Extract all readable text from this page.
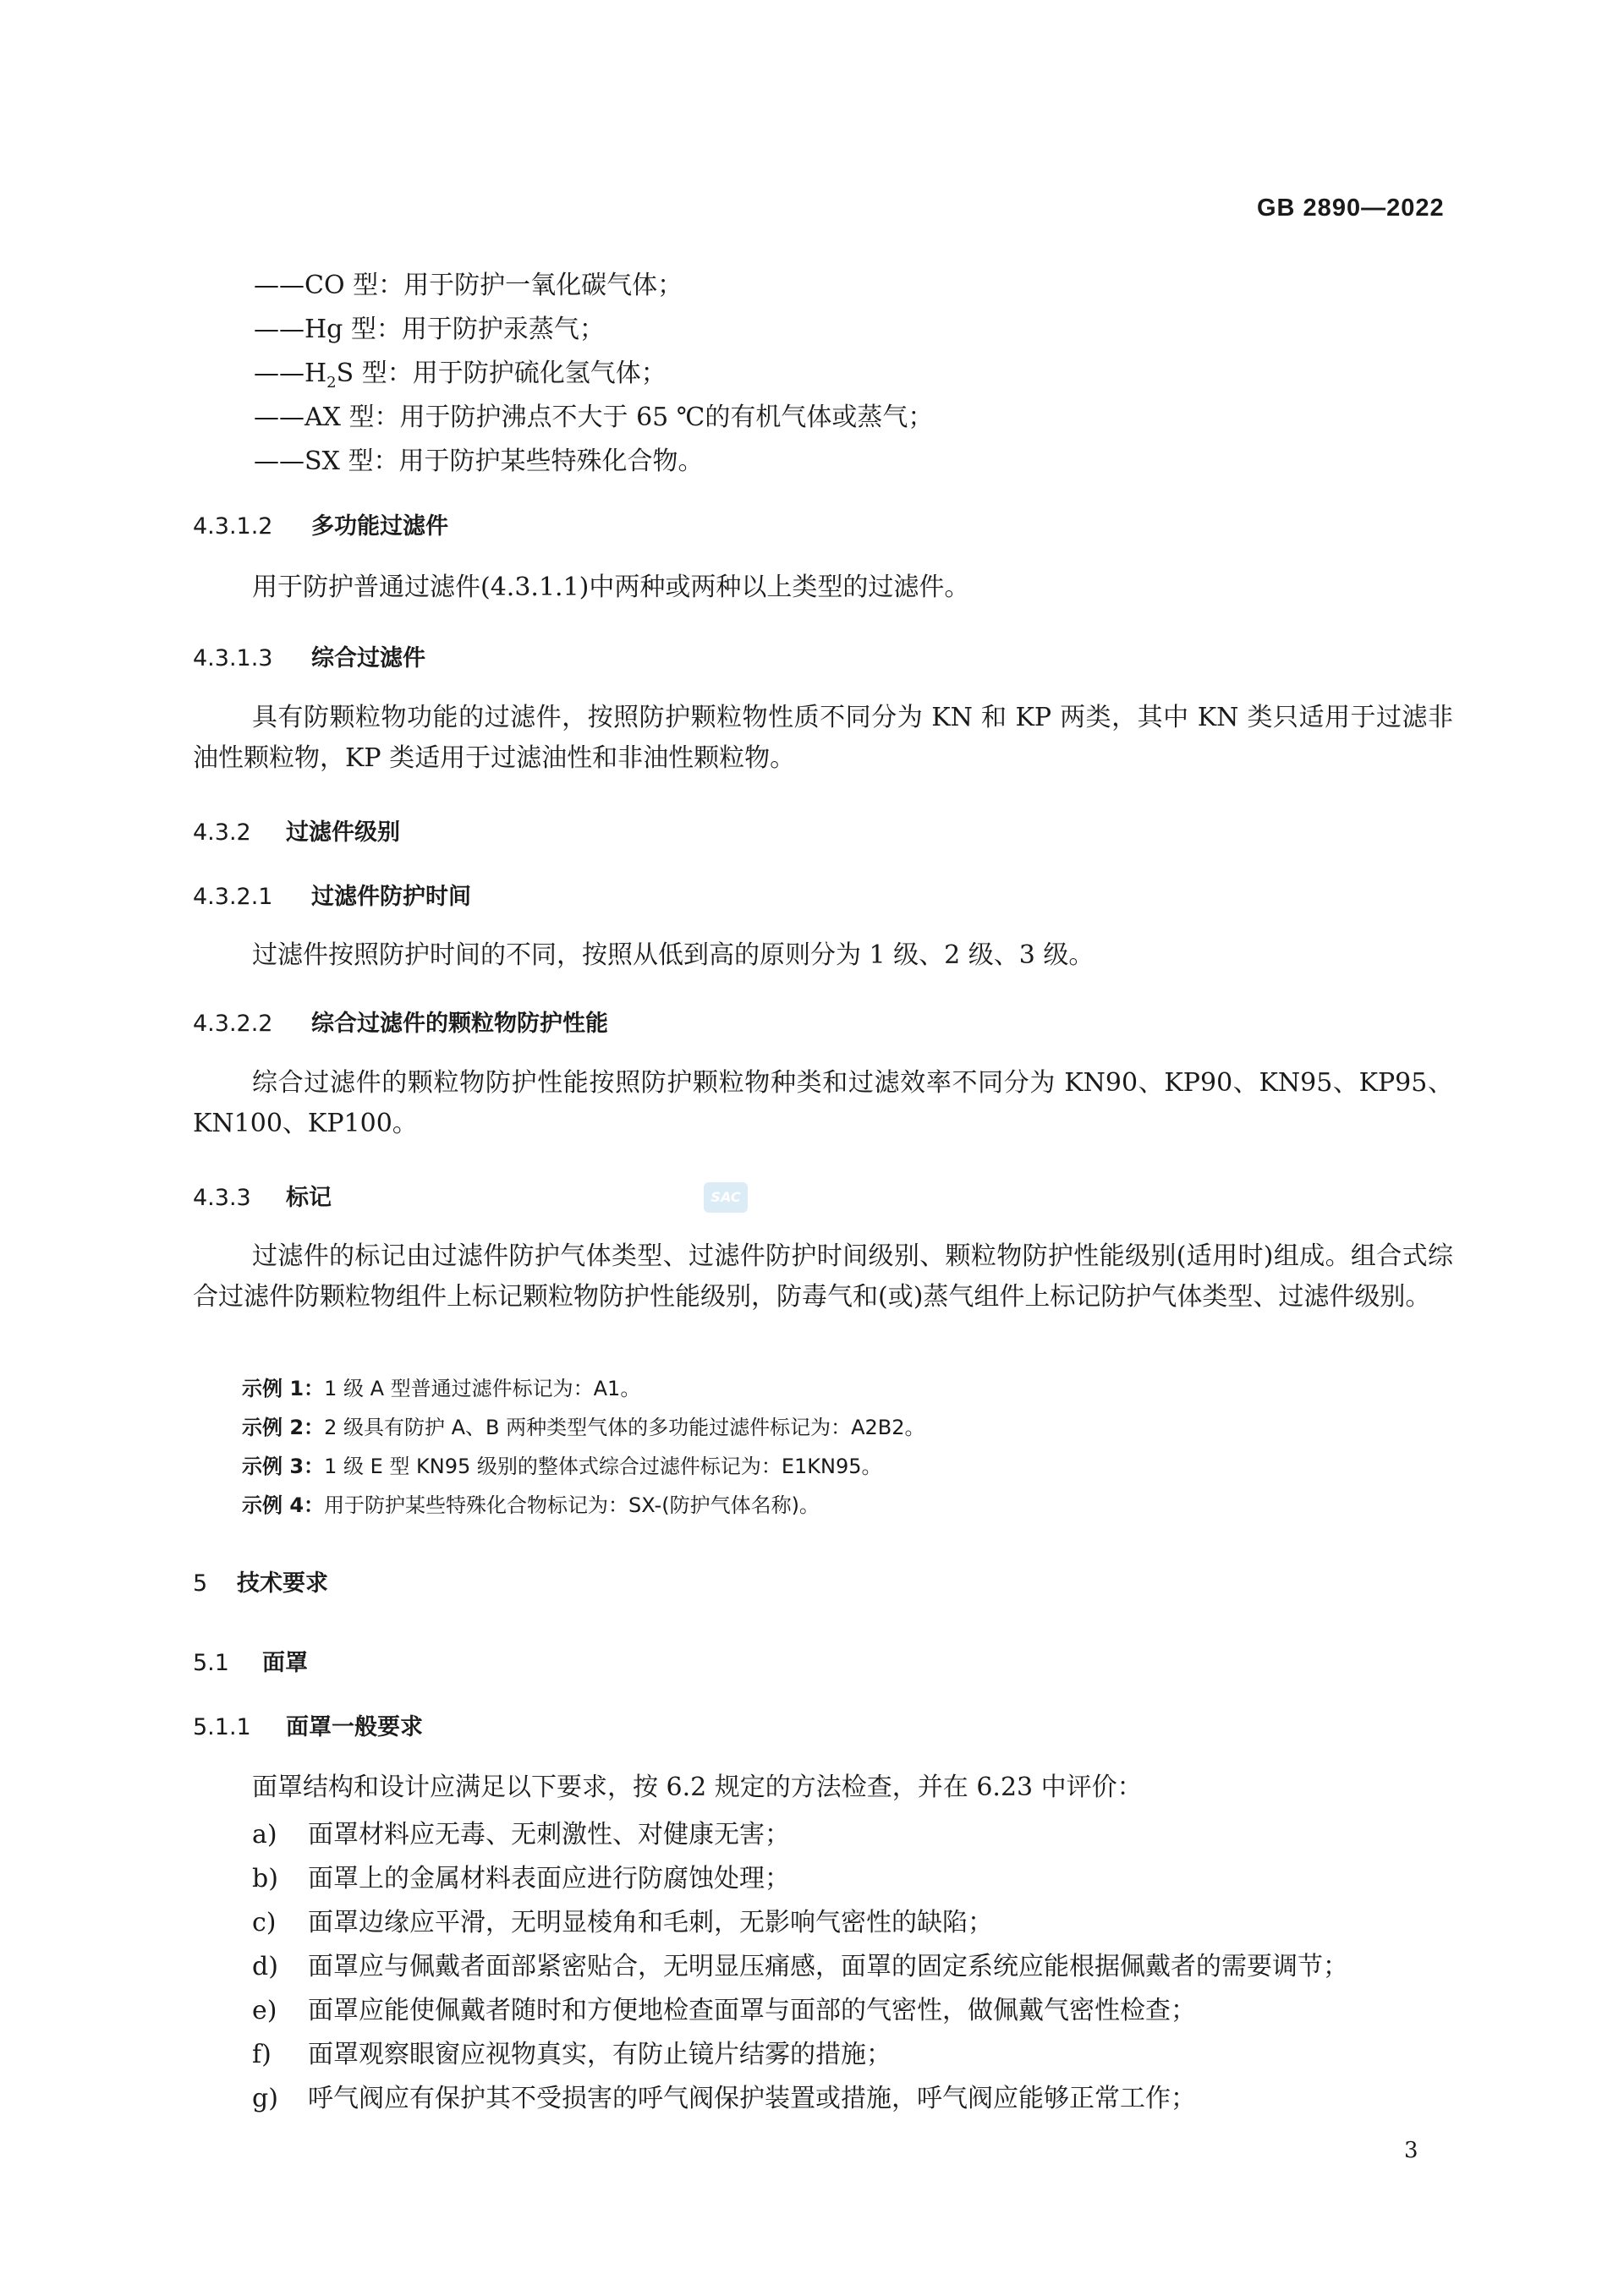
GB 2890—2022
——CO 型：用于防护一氧化碳气体；
——Hg 型：用于防护汞蒸气；
$——H_2S$ 型：用于防护硫化氢气体；
——AX 型：用于防护沸点不大于 65 ℃的有机气体或蒸气；
——SX 型：用于防护某些特殊化合物。
4.3.1.2 多功能过滤件
用于防护普通过滤件(4.3.1.1)中两种或两种以上类型的过滤件。
4.3.1.3 综合过滤件
具有防颗粒物功能的过滤件，按照防护颗粒物性质不同分为 KN 和 KP 两类，其中 KN 类只适用于过滤非油性颗粒物，KP 类适用于过滤油性和非油性颗粒物。
4.3.2 过滤件级别
4.3.2.1 过滤件防护时间
过滤件按照防护时间的不同，按照从低到高的原则分为 1 级、2 级、3 级。
4.3.2.2 综合过滤件的颗粒物防护性能
综合过滤件的颗粒物防护性能按照防护颗粒物种类和过滤效率不同分为 KN90、KP90、KN95、KP95、KN100、KP100。
4.3.3 标记	SAC
过滤件的标记由过滤件防护气体类型、过滤件防护时间级别、颗粒物防护性能级别(适用时)组成。组合式综合过滤件防颗粒物组件上标记颗粒物防护性能级别，防毒气和(或)蒸气组件上标记防护气体类型、过滤件级别。
示例 1：1 级 A 型普通过滤件标记为：A1。
示例 2：2 级具有防护 A、B 两种类型气体的多功能过滤件标记为：A2B2。
示例 3：1 级 E 型 KN95 级别的整体式综合过滤件标记为：E1KN95。
示例 4：用于防护某些特殊化合物标记为：SX-(防护气体名称)。
5 技术要求
5.1 面罩
5.1.1 面罩一般要求
面罩结构和设计应满足以下要求，按 6.2 规定的方法检查，并在 6.23 中评价：
a) 面罩材料应无毒、无刺激性、对健康无害；
b) 面罩上的金属材料表面应进行防腐蚀处理；
c) 面罩边缘应平滑，无明显棱角和毛刺，无影响气密性的缺陷；
d) 面罩应与佩戴者面部紧密贴合，无明显压痛感，面罩的固定系统应能根据佩戴者的需要调节；
e) 面罩应能使佩戴者随时和方便地检查面罩与面部的气密性，做佩戴气密性检查；
f) 面罩观察眼窗应视物真实，有防止镜片结雾的措施；
g) 呼气阀应有保护其不受损害的呼气阀保护装置或措施，呼气阀应能够正常工作；
3
